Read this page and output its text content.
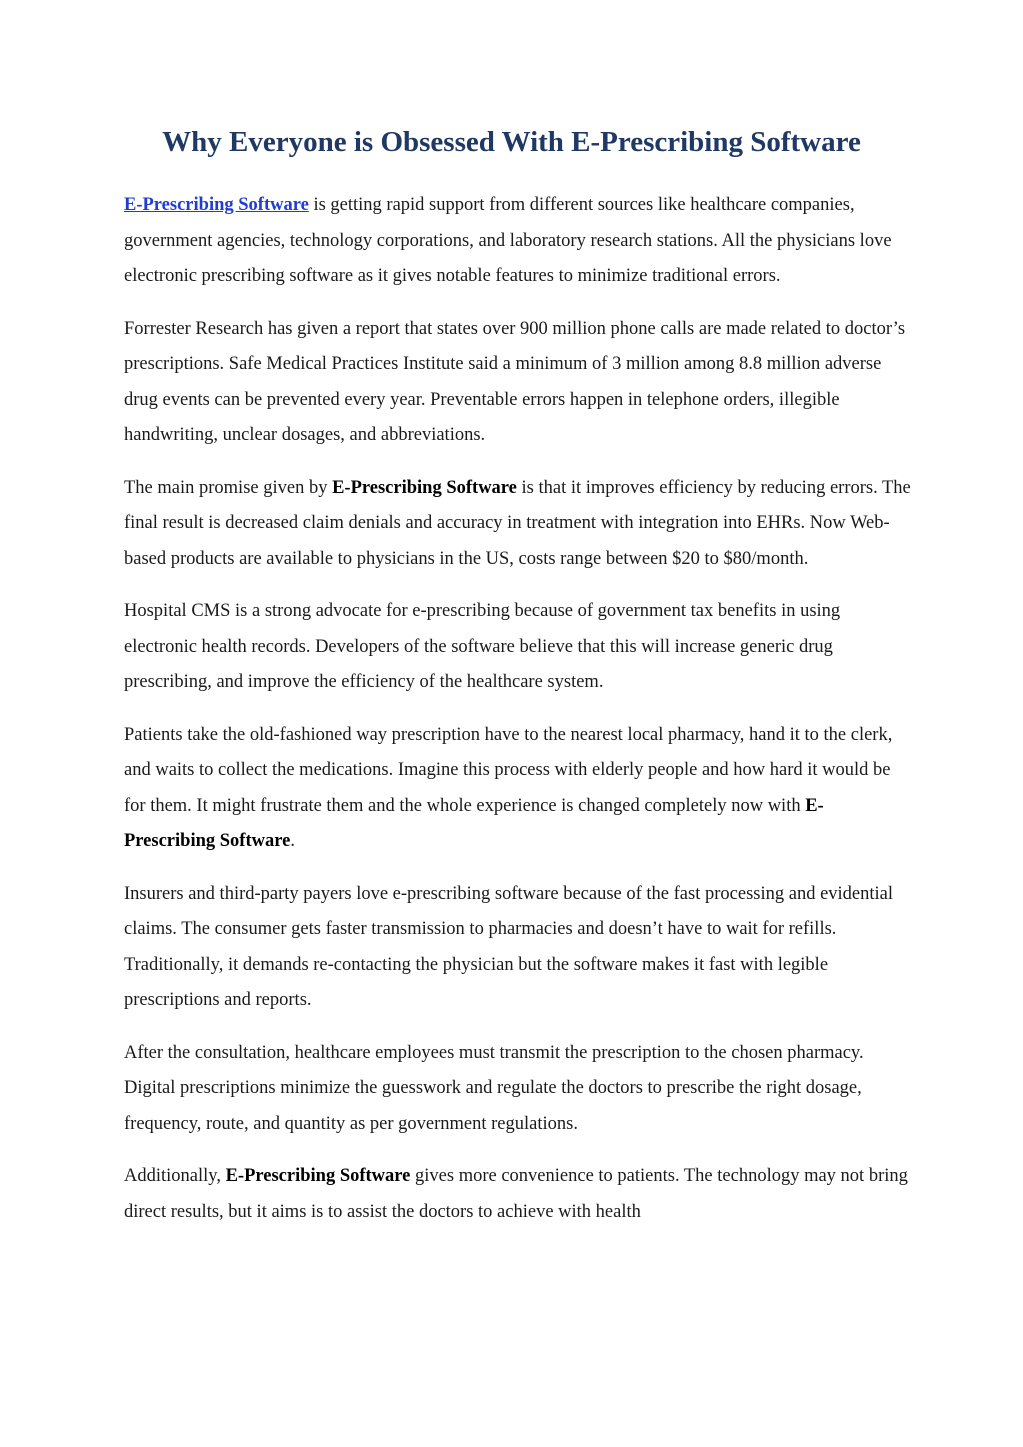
Why Everyone is Obsessed With E-Prescribing Software

E-Prescribing Software is getting rapid support from different sources like healthcare companies, government agencies, technology corporations, and laboratory research stations. All the physicians love electronic prescribing software as it gives notable features to minimize traditional errors.

Forrester Research has given a report that states over 900 million phone calls are made related to doctor’s prescriptions. Safe Medical Practices Institute said a minimum of 3 million among 8.8 million adverse drug events can be prevented every year. Preventable errors happen in telephone orders, illegible handwriting, unclear dosages, and abbreviations.

The main promise given by E-Prescribing Software is that it improves efficiency by reducing errors. The final result is decreased claim denials and accuracy in treatment with integration into EHRs. Now Web-based products are available to physicians in the US, costs range between $20 to $80/month.

Hospital CMS is a strong advocate for e-prescribing because of government tax benefits in using electronic health records. Developers of the software believe that this will increase generic drug prescribing, and improve the efficiency of the healthcare system.

Patients take the old-fashioned way prescription have to the nearest local pharmacy, hand it to the clerk, and waits to collect the medications. Imagine this process with elderly people and how hard it would be for them. It might frustrate them and the whole experience is changed completely now with E-Prescribing Software.

Insurers and third-party payers love e-prescribing software because of the fast processing and evidential claims. The consumer gets faster transmission to pharmacies and doesn’t have to wait for refills. Traditionally, it demands re-contacting the physician but the software makes it fast with legible prescriptions and reports.

After the consultation, healthcare employees must transmit the prescription to the chosen pharmacy. Digital prescriptions minimize the guesswork and regulate the doctors to prescribe the right dosage, frequency, route, and quantity as per government regulations.

Additionally, E-Prescribing Software gives more convenience to patients. The technology may not bring direct results, but it aims is to assist the doctors to achieve with health
